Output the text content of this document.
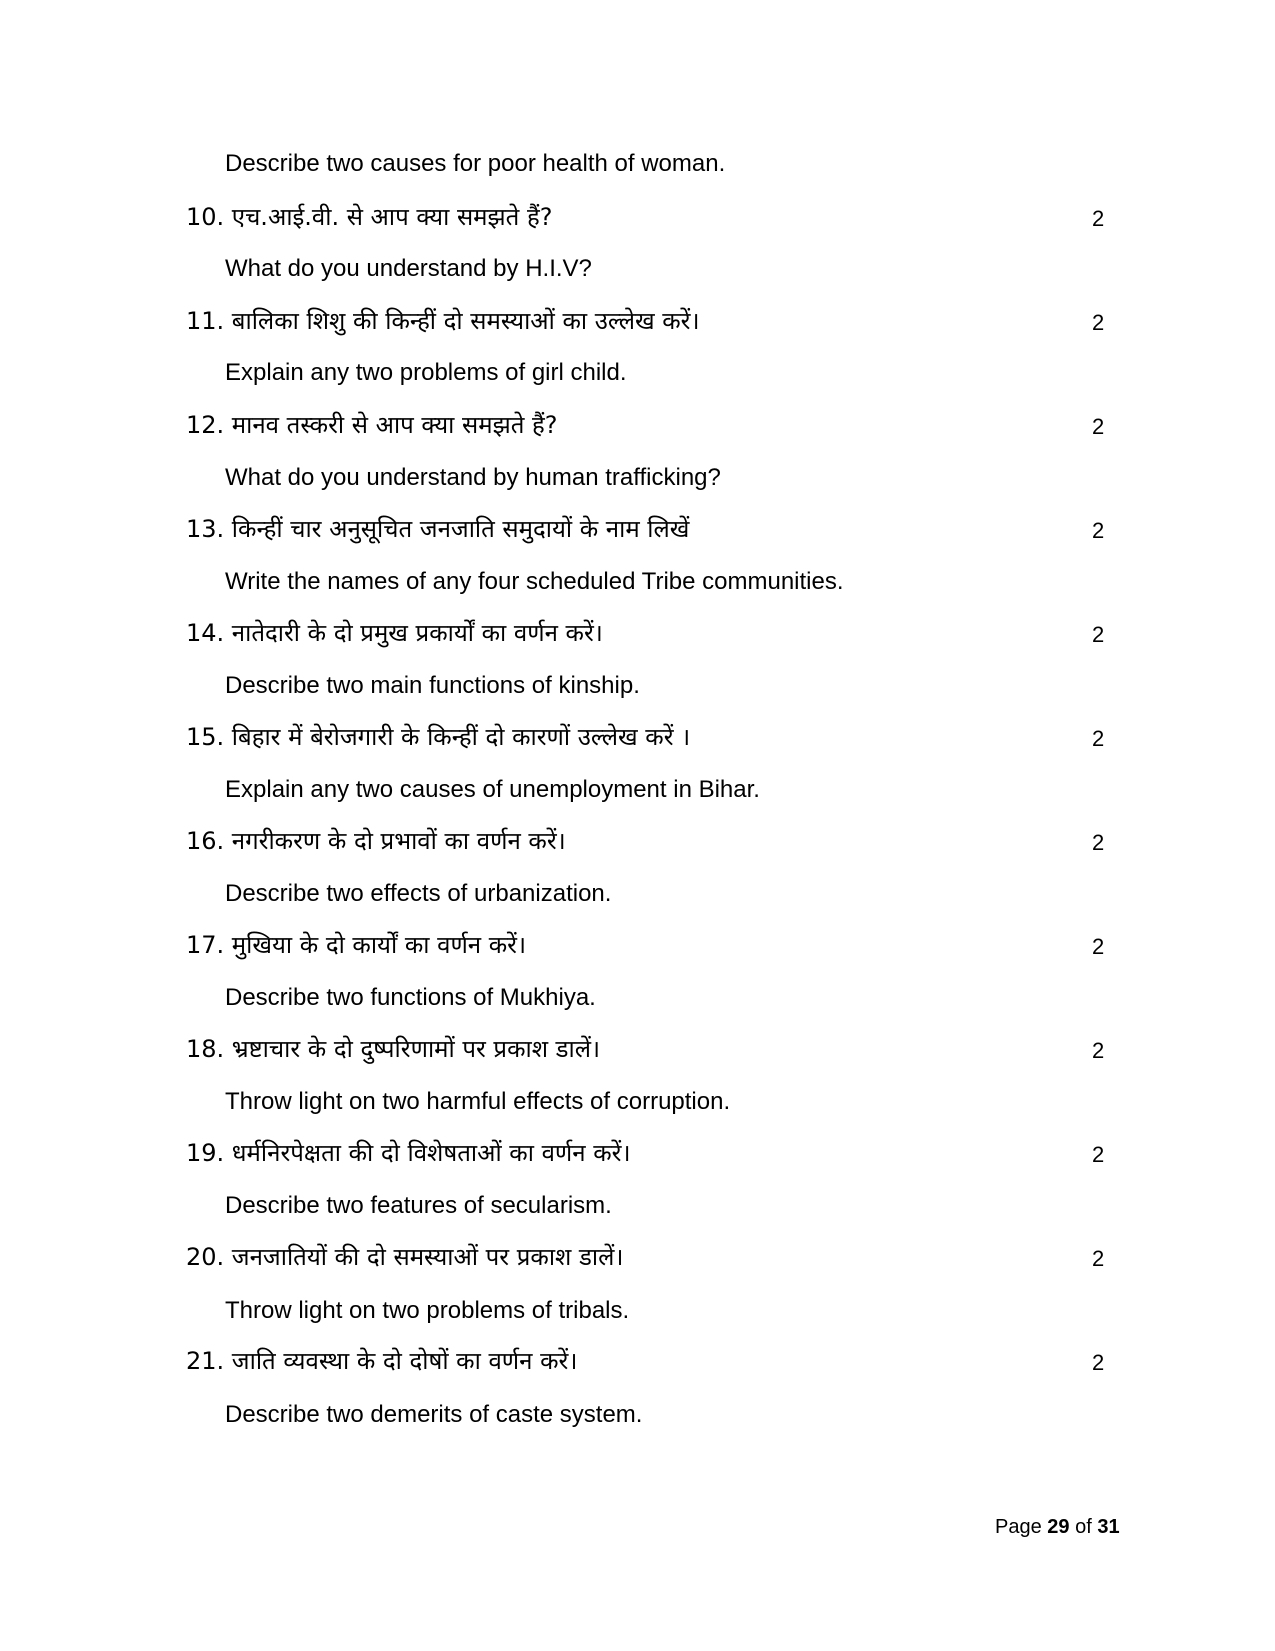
Describe two causes for poor health of woman.
10. एच.आई.वी. से आप क्या समझते हैं?	2
What do you understand by H.I.V?
11. बालिका शिशु की किन्हीं दो समस्याओं का उल्लेख करें।	2
Explain any two problems of girl child.
12. मानव तस्करी से आप क्या समझते हैं?	2
What do you understand by human trafficking?
13. किन्हीं चार अनुसूचित जनजाति समुदायों के नाम लिखें	2
Write the names of any four scheduled Tribe communities.
14. नातेदारी के दो प्रमुख प्रकार्यों का वर्णन करें।	2
Describe two main functions of kinship.
15. बिहार में बेरोजगारी के किन्हीं दो कारणों उल्लेख करें ।	2
Explain any two causes of unemployment in Bihar.
16. नगरीकरण के दो प्रभावों का वर्णन करें।	2
Describe two effects of urbanization.
17. मुखिया के दो कार्यों का वर्णन करें।	2
Describe two functions of Mukhiya.
18. भ्रष्टाचार के दो दुष्परिणामों पर प्रकाश डालें।	2
Throw light on two harmful effects of corruption.
19. धर्मनिरपेक्षता की दो विशेषताओं का वर्णन करें।	2
Describe two features of secularism.
20. जनजातियों की दो समस्याओं पर प्रकाश डालें।	2
Throw light on two problems of tribals.
21. जाति व्यवस्था के दो दोषों का वर्णन करें।	2
Describe two demerits of caste system.
Page 29 of 31
